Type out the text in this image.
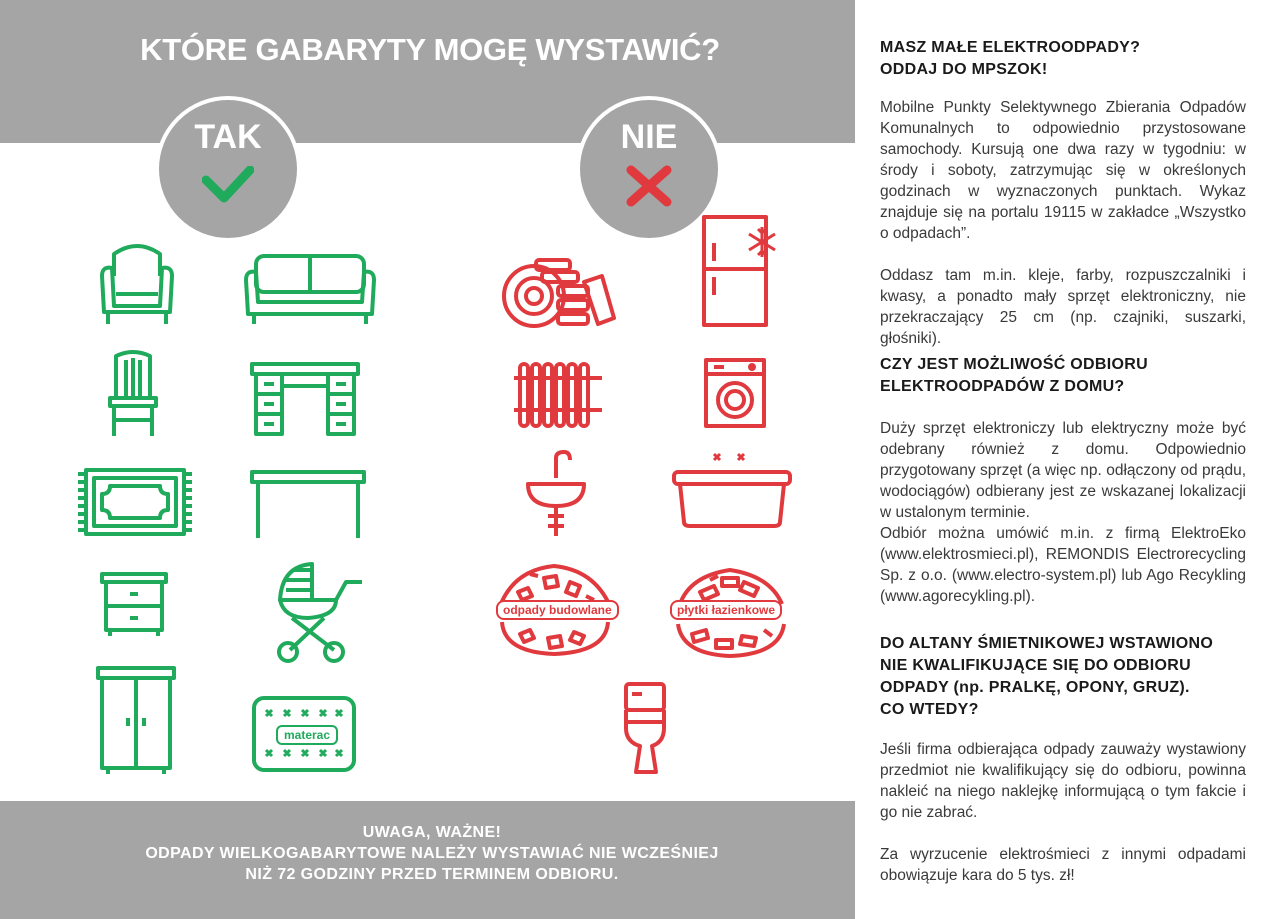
KTÓRE GABARYTY MOGĘ WYSTAWIĆ?
TAK	NIE
materac
odpady budowlane	płytki łazienkowe
UWAGA, WAŻNE!
ODPADY WIELKOGABARYTOWE NALEŻY WYSTAWIAĆ NIE WCZEŚNIEJ
NIŻ 72 GODZINY PRZED TERMINEM ODBIORU.
MASZ MAŁE ELEKTROODPADY?
ODDAJ DO MPSZOK!
Mobilne Punkty Selektywnego Zbierania Odpadów Komunalnych to odpowiednio przystosowane samochody. Kursują one dwa razy w tygodniu: w środy i soboty, zatrzymując się w określonych godzinach w wyznaczonych punktach. Wykaz znajduje się na portalu 19115 w zakładce „Wszystko o odpadach”.
Oddasz tam m.in. kleje, farby, rozpuszczalniki i kwasy, a ponadto mały sprzęt elektroniczny, nie przekraczający 25 cm (np. czajniki, suszarki, głośniki).
CZY JEST MOŻLIWOŚĆ ODBIORU
ELEKTROODPADÓW Z DOMU?
Duży sprzęt elektroniczy lub elektryczny może być odebrany również z domu. Odpowiednio przygotowany sprzęt (a więc np. odłączony od prądu, wodociągów) odbierany jest ze wskazanej lokalizacji w ustalonym terminie.
Odbiór można umówić m.in. z firmą ElektroEko (www.elektrosmieci.pl), REMONDIS Electrorecycling Sp. z o.o. (www.electro-system.pl) lub Ago Recykling (www.agorecykling.pl).
DO ALTANY ŚMIETNIKOWEJ WSTAWIONO
NIE KWALIFIKUJĄCE SIĘ DO ODBIORU
ODPADY (np. PRALKĘ, OPONY, GRUZ).
CO WTEDY?
Jeśli firma odbierająca odpady zauważy wystawiony przedmiot nie kwalifikujący się do odbioru, powinna nakleić na niego naklejkę informującą o tym fakcie i go nie zabrać.
Za wyrzucenie elektrośmieci z innymi odpadami obowiązuje kara do 5 tys. zł!
